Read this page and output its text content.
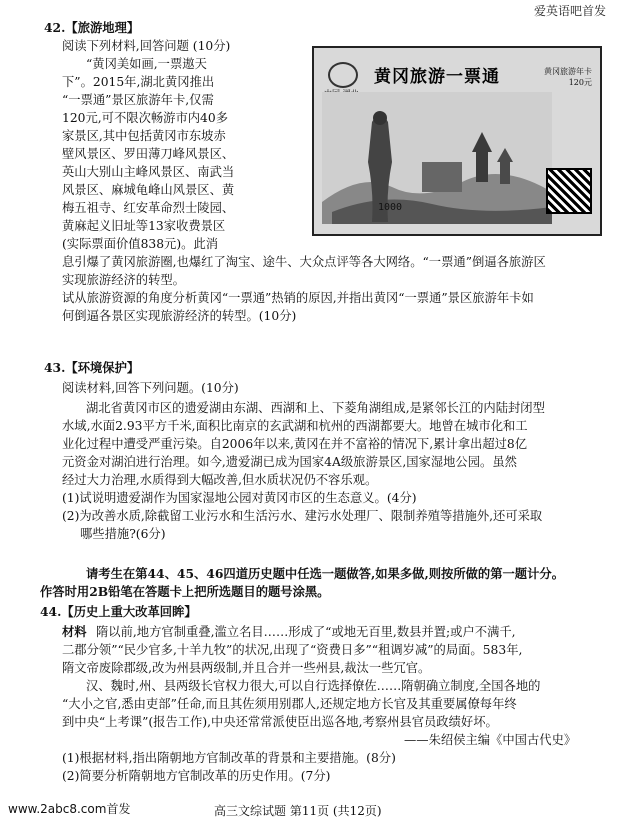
爱英语吧首发
42.【旅游地理】
阅读下列材料,回答问题 (10分)
“黄冈美如画,一票遨天
下”。2015年,湖北黄冈推出
“一票通”景区旅游年卡,仅需
120元,可不限次畅游市内40多
家景区,其中包括黄冈市东坡赤
壁风景区、罗田薄刀峰风景区、
英山大别山主峰风景区、南武当
风景区、麻城龟峰山风景区、黄
梅五祖寺、红安革命烈士陵园、
黄麻起义旧址等13家收费景区
(实际票面价值838元)。此消
黄冈旅游一票通	黄冈旅游年卡
120元
1000
息引爆了黄冈旅游圈,也爆红了淘宝、途牛、大众点评等各大网络。“一票通”倒逼各旅游区
实现旅游经济的转型。
试从旅游资源的角度分析黄冈“一票通”热销的原因,并指出黄冈“一票通”景区旅游年卡如
何倒逼各景区实现旅游经济的转型。(10分)
43.【环境保护】
阅读材料,回答下列问题。(10分)
湖北省黄冈市区的遗爱湖由东湖、西湖和上、下菱角湖组成,是紧邻长江的内陆封闭型
水域,水面2.93平方千米,面积比南京的玄武湖和杭州的西湖都要大。地曾在城市化和工
业化过程中遭受严重污染。自2006年以来,黄冈在并不富裕的情况下,累计拿出超过8亿
元资金对湖泊进行治理。如今,遗爱湖已成为国家4A级旅游景区,国家湿地公园。虽然
经过大力治理,水质得到大幅改善,但水质状况仍不容乐观。
(1)试说明遗爱湖作为国家湿地公园对黄冈市区的生态意义。(4分)
(2)为改善水质,除截留工业污水和生活污水、建污水处理厂、限制养殖等措施外,还可采取
哪些措施?(6分)
请考生在第44、45、46四道历史题中任选一题做答,如果多做,则按所做的第一题计分。
作答时用2B铅笔在答题卡上把所选题目的题号涂黑。
44.【历史上重大改革回眸】
材料 隋以前,地方官制重叠,滥立名目……形成了“或地无百里,数县并置;或户不满千,
二郡分领”“民少官多,十羊九牧”的状况,出现了“资费日多”“租调岁减”的局面。583年,
隋文帝废除郡级,改为州县两级制,并且合并一些州县,裁汰一些冗官。
汉、魏时,州、县两级长官权力很大,可以自行选择僚佐……隋朝确立制度,全国各地的
“大小之官,悉由吏部”任命,而且其佐须用别郡人,还规定地方长官及其重要属僚每年终
到中央“上考课”(报告工作),中央还常常派使臣出巡各地,考察州县官员政绩好坏。
——朱绍侯主编《中国古代史》
(1)根据材料,指出隋朝地方官制改革的背景和主要措施。(8分)
(2)简要分析隋朝地方官制改革的历史作用。(7分)
www.2abc8.com首发	高三文综试题 第11页 (共12页)
